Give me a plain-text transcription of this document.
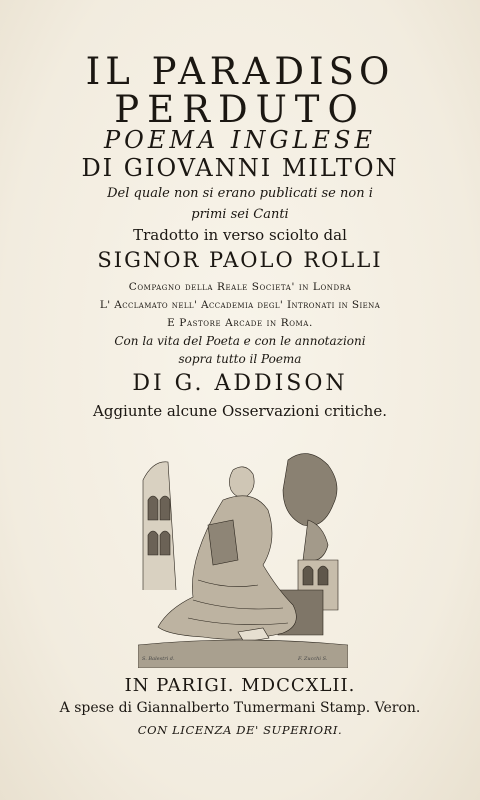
IL PARADISO
PERDUTO
POEMA INGLESE
DI GIOVANNI MILTON
Del quale non si erano publicati se non i
primi sei Canti
Tradotto in verso sciolto dal
SIGNOR PAOLO ROLLI
Compagno della Reale Societa' in Londra
L' Acclamato nell' Accademia degl' Intronati in Siena
E Pastore Arcade in Roma.
Con la vita del Poeta e con le annotazioni
sopra tutto il Poema
DI G. ADDISON
Aggiunte alcune Osservazioni critiche.
S. Balestri d.	F. Zucchi S.
IN PARIGI. MDCCXLII.
A spese di Giannalberto Tumermani Stamp. Veron.
CON LICENZA DE' SUPERIORI.
